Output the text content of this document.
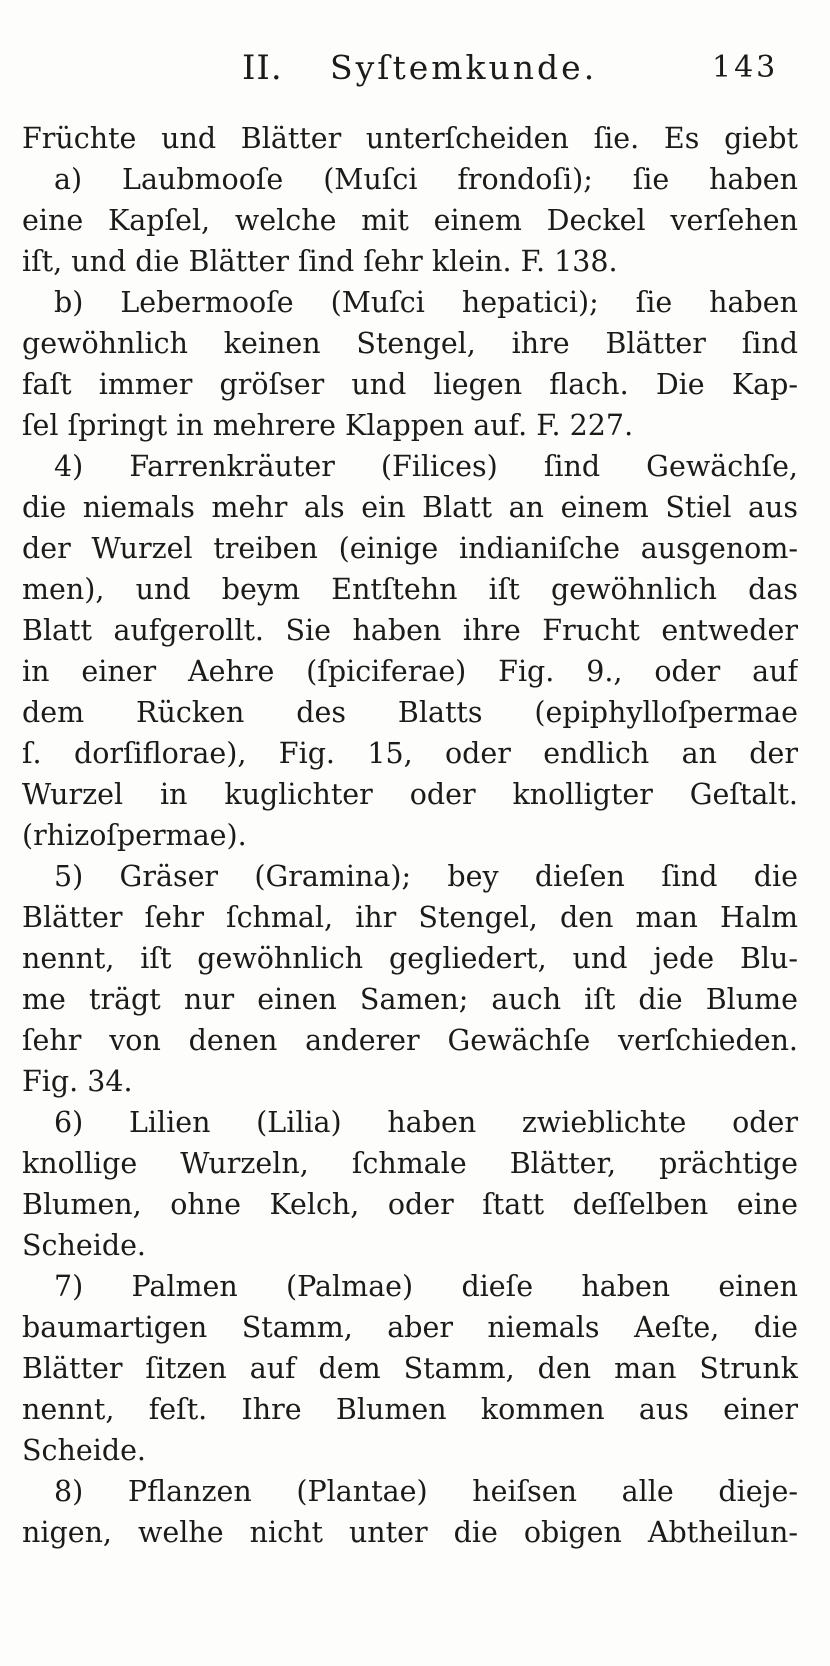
II. Syſtemkunde.	143
Früchte und Blätter unterſcheiden ſie. Es giebt
a) Laubmooſe (Muſci frondoſi); ſie haben
eine Kapſel, welche mit einem Deckel verſehen
iſt, und die Blätter ſind ſehr klein. F. 138.
b) Lebermooſe (Muſci hepatici); ſie haben
gewöhnlich keinen Stengel, ihre Blätter ſind
faſt immer gröſser und liegen flach. Die Kap-
ſel ſpringt in mehrere Klappen auf. F. 227.
4) Farrenkräuter (Filices) ſind Gewächſe,
die niemals mehr als ein Blatt an einem Stiel aus
der Wurzel treiben (einige indianiſche ausgenom-
men), und beym Entſtehn iſt gewöhnlich das
Blatt aufgerollt. Sie haben ihre Frucht entweder
in einer Aehre (ſpiciferae) Fig. 9., oder auf
dem Rücken des Blatts (epiphylloſpermae
ſ. dorſiflorae), Fig. 15, oder endlich an der
Wurzel in kuglichter oder knolligter Geſtalt.
(rhizoſpermae).
5) Gräser (Gramina); bey dieſen ſind die
Blätter ſehr ſchmal, ihr Stengel, den man Halm
nennt, iſt gewöhnlich gegliedert, und jede Blu-
me trägt nur einen Samen; auch iſt die Blume
ſehr von denen anderer Gewächſe verſchieden.
Fig. 34.
6) Lilien (Lilia) haben zwieblichte oder
knollige Wurzeln, ſchmale Blätter, prächtige
Blumen, ohne Kelch, oder ſtatt deſſelben eine
Scheide.
7) Palmen (Palmae) dieſe haben einen
baumartigen Stamm, aber niemals Aeſte, die
Blätter ſitzen auf dem Stamm, den man Strunk
nennt, feſt. Ihre Blumen kommen aus einer
Scheide.
8) Pflanzen (Plantae) heiſsen alle dieje-
nigen, welhe nicht unter die obigen Abtheilun-
